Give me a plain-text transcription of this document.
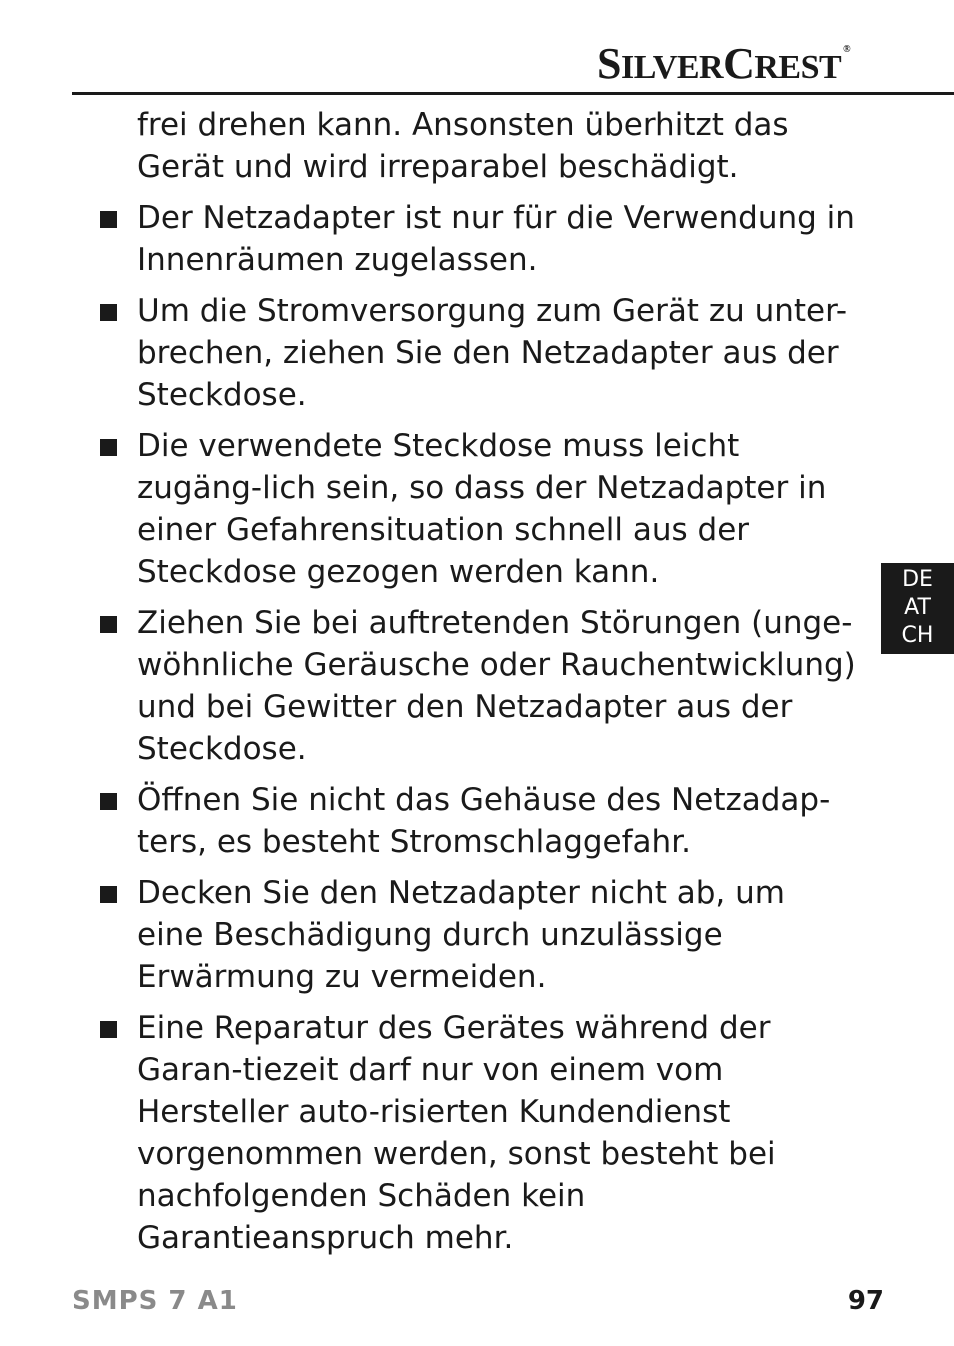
SILVERCREST ®

frei drehen kann. Ansonsten überhitzt das Gerät und wird irreparabel beschädigt.

Der Netzadapter ist nur für die Verwendung in Innenräumen zugelassen.
Um die Stromversorgung zum Gerät zu unter-brechen, ziehen Sie den Netzadapter aus der Steckdose.
Die verwendete Steckdose muss leicht zugäng-lich sein, so dass der Netzadapter in einer Gefahrensituation schnell aus der Steckdose gezogen werden kann.
Ziehen Sie bei auftretenden Störungen (unge-wöhnliche Geräusche oder Rauchentwicklung) und bei Gewitter den Netzadapter aus der Steckdose.
Öffnen Sie nicht das Gehäuse des Netzadap-ters, es besteht Stromschlaggefahr.
Decken Sie den Netzadapter nicht ab, um eine Beschädigung durch unzulässige Erwärmung zu vermeiden.
Eine Reparatur des Gerätes während der Garan-tiezeit darf nur von einem vom Hersteller auto-risierten Kundendienst vorgenommen werden, sonst besteht bei nachfolgenden Schäden kein Garantieanspruch mehr.
DE
AT
CH
SMPS 7 A1	97
